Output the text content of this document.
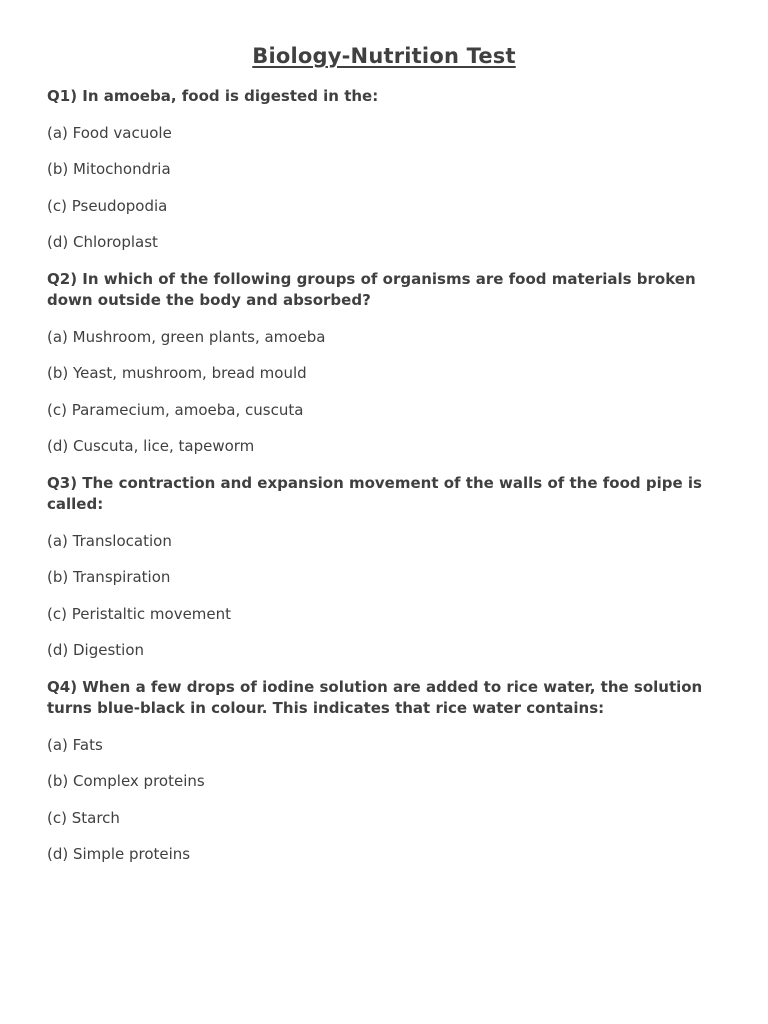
Biology-Nutrition Test
Q1) In amoeba, food is digested in the:
(a) Food vacuole
(b) Mitochondria
(c) Pseudopodia
(d) Chloroplast
Q2) In which of the following groups of organisms are food materials broken down outside the body and absorbed?
(a) Mushroom, green plants, amoeba
(b) Yeast, mushroom, bread mould
(c) Paramecium, amoeba, cuscuta
(d) Cuscuta, lice, tapeworm
Q3) The contraction and expansion movement of the walls of the food pipe is called:
(a) Translocation
(b) Transpiration
(c) Peristaltic movement
(d) Digestion
Q4) When a few drops of iodine solution are added to rice water, the solution turns blue-black in colour. This indicates that rice water contains:
(a) Fats
(b) Complex proteins
(c) Starch
(d) Simple proteins
